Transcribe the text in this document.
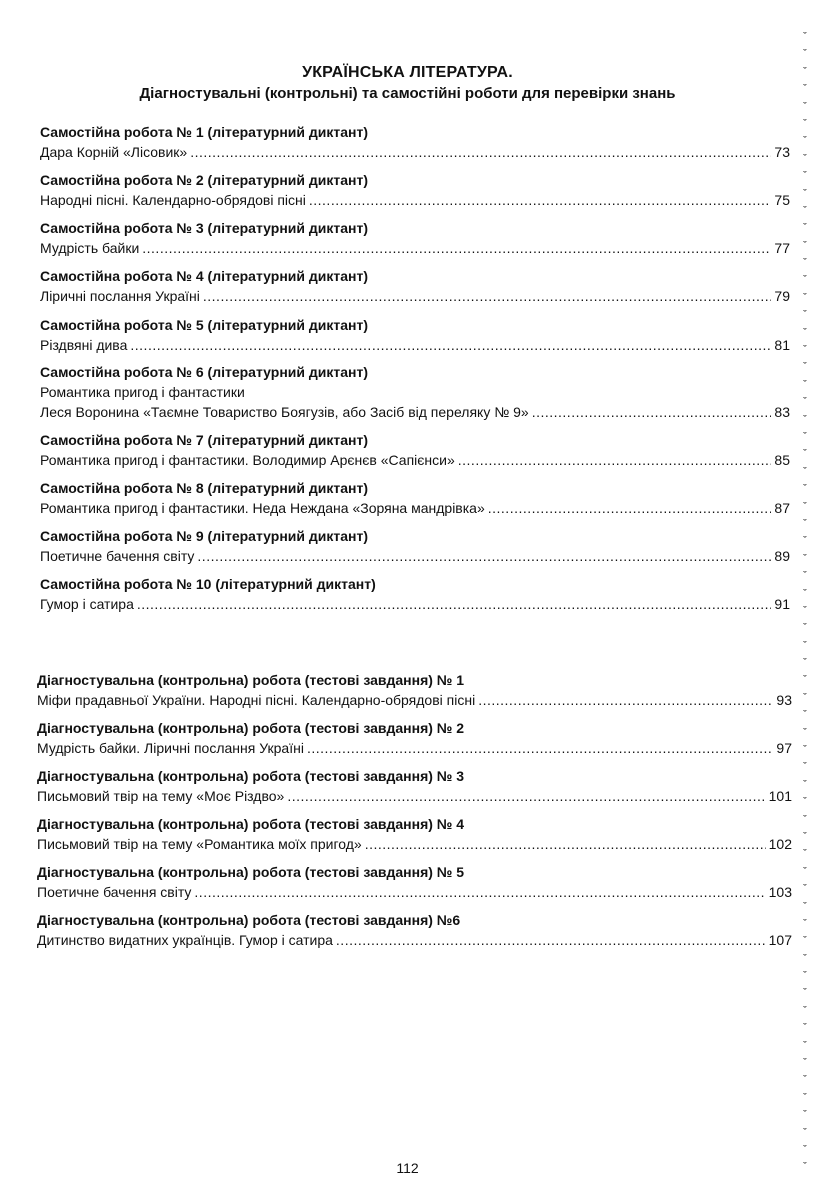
УКРАЇНСЬКА ЛІТЕРАТУРА.
Діагностувальні (контрольні) та самостійні роботи для перевірки знань
Самостійна робота № 1 (літературний диктант)
Дара Корній «Лісовик» .....	73
Самостійна робота № 2 (літературний диктант)
Народні пісні. Календарно-обрядові пісні .....	75
Самостійна робота № 3 (літературний диктант)
Мудрість байки .....	77
Самостійна робота № 4 (літературний диктант)
Ліричні послання Україні .....	79
Самостійна робота № 5 (літературний диктант)
Різдвяні дива .....	81
Самостійна робота № 6 (літературний диктант)
Романтика пригод і фантастики
Леся Воронина «Таємне Товариство Боягузів, або Засіб від переляку № 9» .....	83
Самостійна робота № 7 (літературний диктант)
Романтика пригод і фантастики. Володимир Арєнєв «Сапієнси» .....	85
Самостійна робота № 8 (літературний диктант)
Романтика пригод і фантастики. Неда Неждана «Зоряна мандрівка» .....	87
Самостійна робота № 9 (літературний диктант)
Поетичне бачення світу .....	89
Самостійна робота № 10 (літературний диктант)
Гумор і сатира .....	91
Діагностувальна (контрольна) робота (тестові завдання) № 1
Міфи прадавньої України. Народні пісні. Календарно-обрядові пісні .....	93
Діагностувальна (контрольна) робота (тестові завдання) № 2
Мудрість байки. Ліричні послання Україні .....	97
Діагностувальна (контрольна) робота (тестові завдання) № 3
Письмовий твір на тему «Моє Різдво» .....	101
Діагностувальна (контрольна) робота (тестові завдання) № 4
Письмовий твір на тему «Романтика моїх пригод» .....	102
Діагностувальна (контрольна) робота (тестові завдання) № 5
Поетичне бачення світу .....	103
Діагностувальна (контрольна) робота (тестові завдання) №6
Дитинство видатних українців. Гумор і сатира .....	107
112
ˬ
ˬ
ˬ
ˬ
ˬ
ˬ
ˬ
ˬ
ˬ
ˬ
ˬ
ˬ
ˬ
ˬ
ˬ
ˬ
ˬ
ˬ
ˬ
ˬ
ˬ
ˬ
ˬ
ˬ
ˬ
ˬ
ˬ
ˬ
ˬ
ˬ
ˬ
ˬ
ˬ
ˬ
ˬ
ˬ
ˬ
ˬ
ˬ
ˬ
ˬ
ˬ
ˬ
ˬ
ˬ
ˬ
ˬ
ˬ
ˬ
ˬ
ˬ
ˬ
ˬ
ˬ
ˬ
ˬ
ˬ
ˬ
ˬ
ˬ
ˬ
ˬ
ˬ
ˬ
ˬ
ˬ
